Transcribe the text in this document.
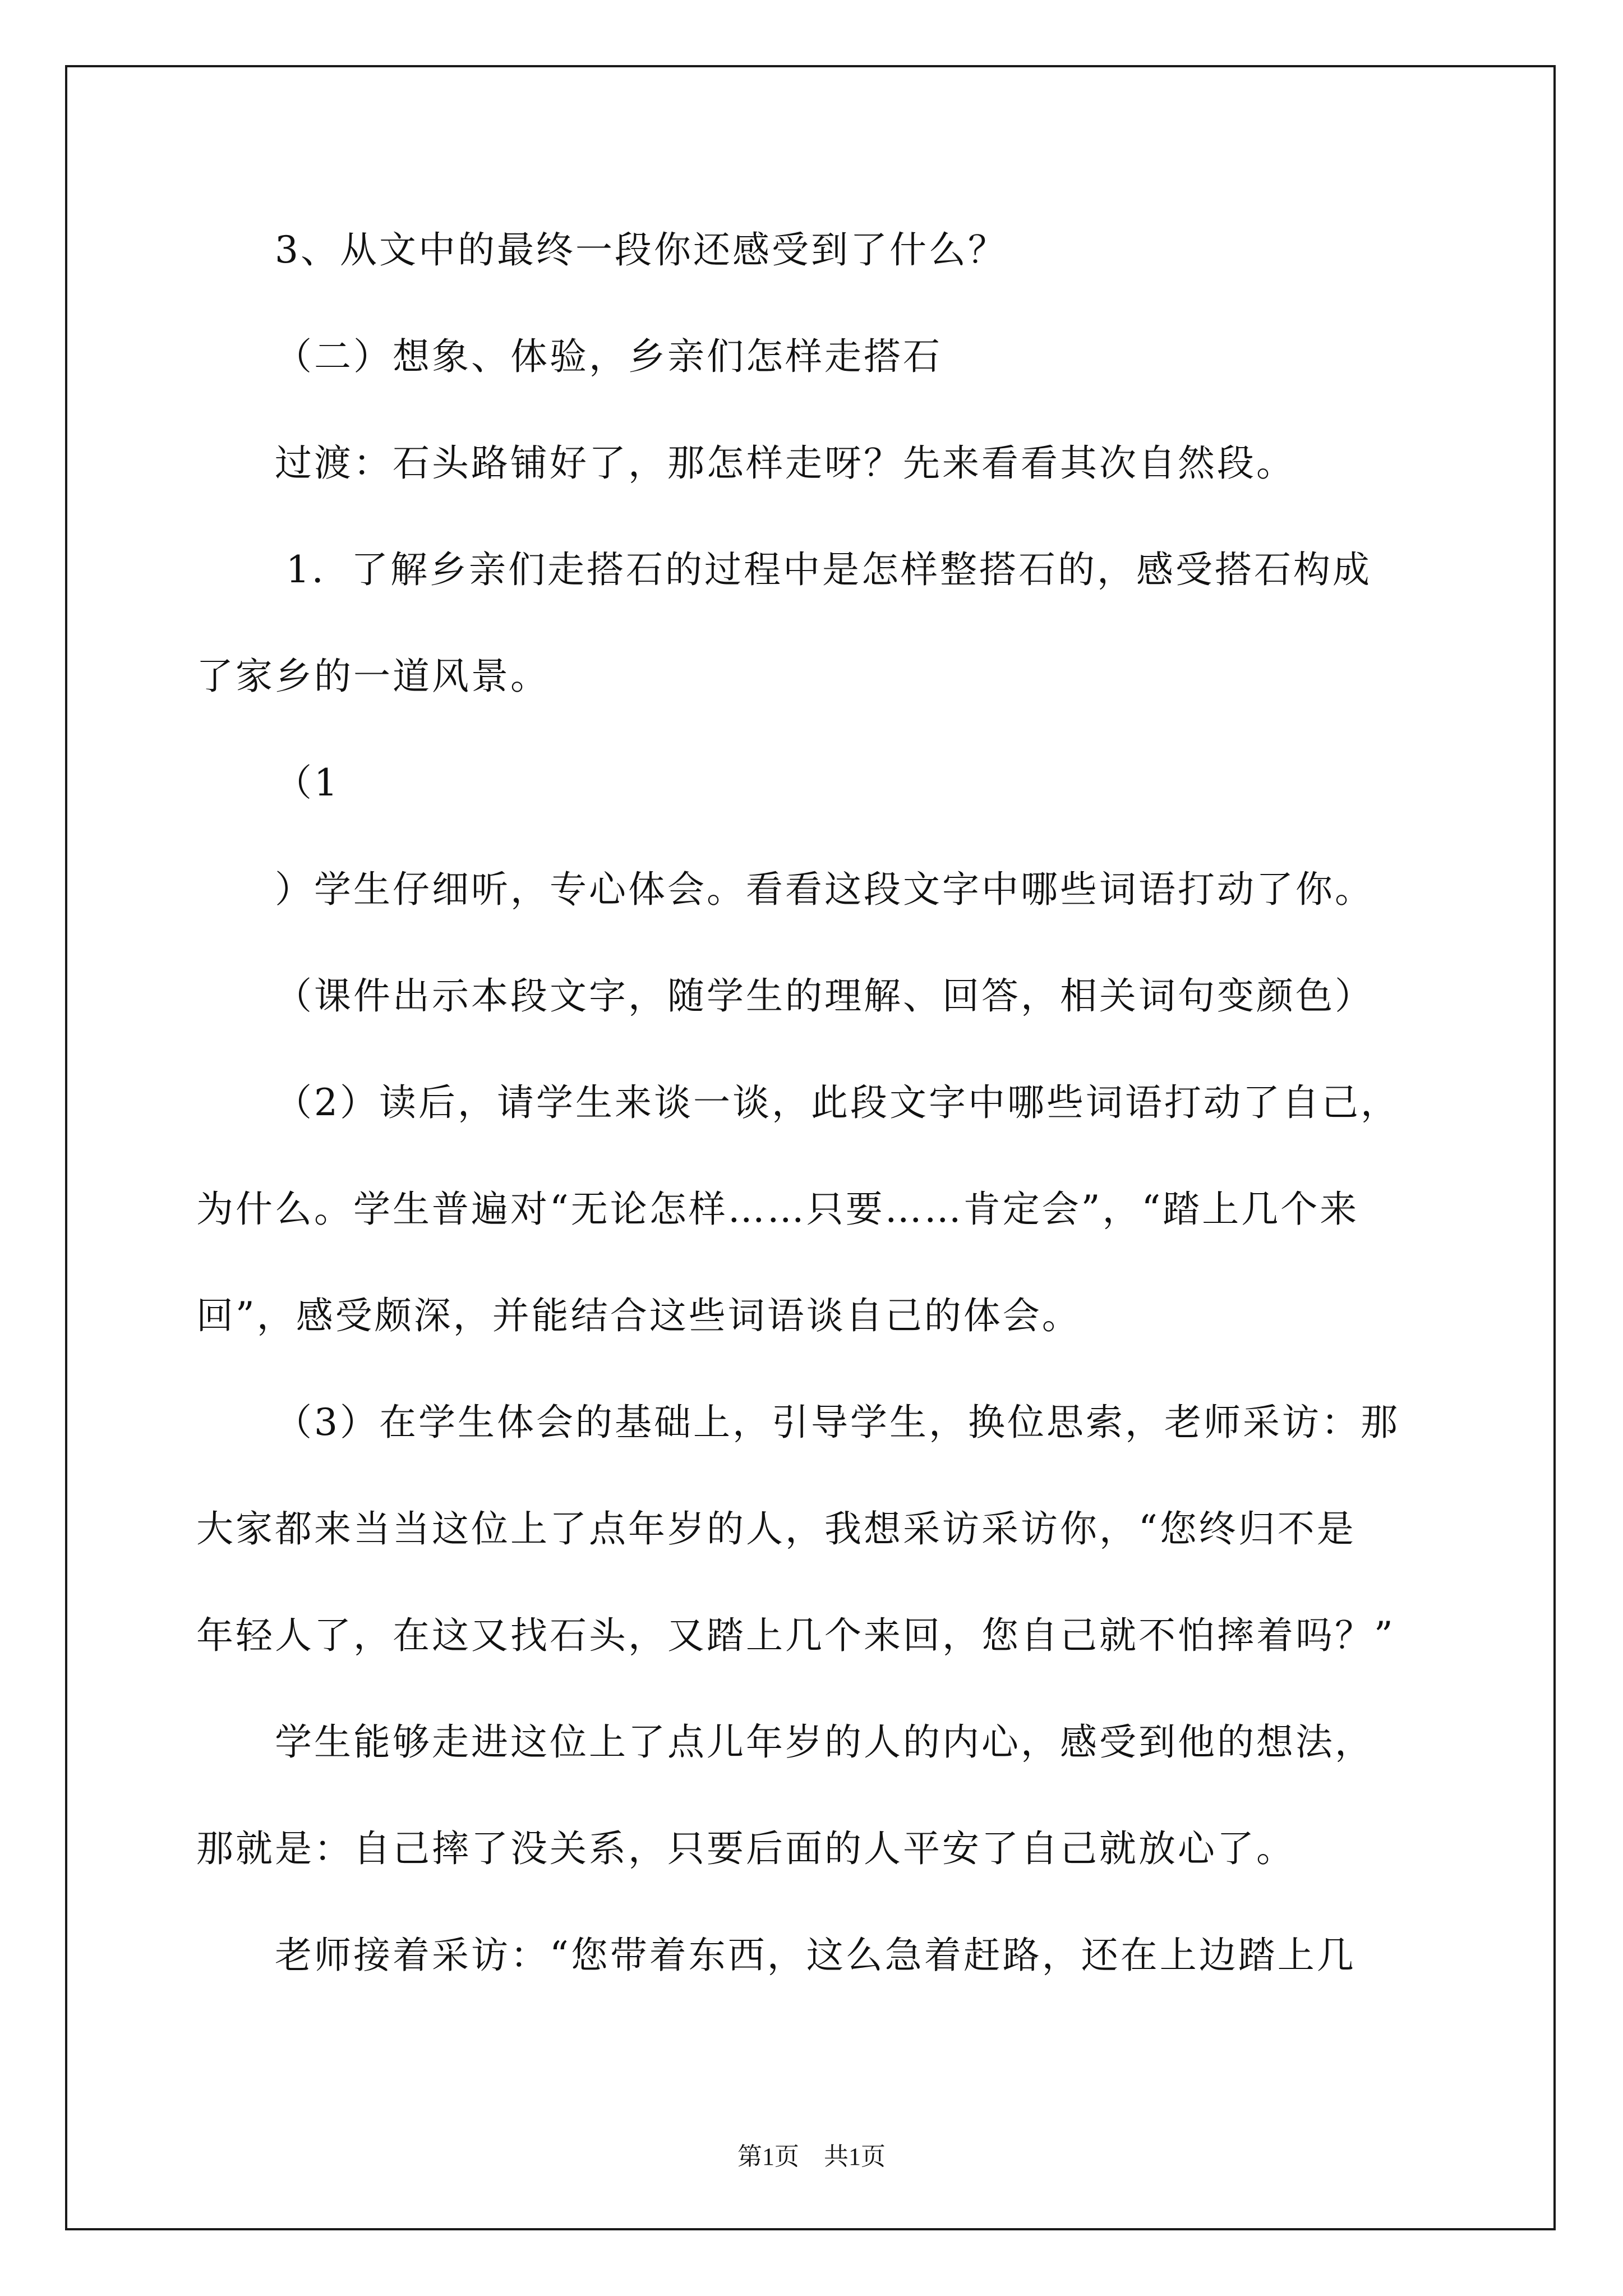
3、从文中的最终一段你还感受到了什么？
（二）想象、体验，乡亲们怎样走搭石
过渡：石头路铺好了，那怎样走呀？先来看看其次自然段。
1．了解乡亲们走搭石的过程中是怎样整搭石的，感受搭石构成
了家乡的一道风景。
（1
）学生仔细听，专心体会。看看这段文字中哪些词语打动了你。
（课件出示本段文字，随学生的理解、回答，相关词句变颜色）
（2）读后，请学生来谈一谈，此段文字中哪些词语打动了自己，
为什么。学生普遍对“无论怎样……只要……肯定会”，“踏上几个来
回”，感受颇深，并能结合这些词语谈自己的体会。
（3）在学生体会的基础上，引导学生，换位思索，老师采访：那
大家都来当当这位上了点年岁的人，我想采访采访你，“您终归不是
年轻人了，在这又找石头，又踏上几个来回，您自己就不怕摔着吗？”
学生能够走进这位上了点儿年岁的人的内心，感受到他的想法，
那就是：自己摔了没关系，只要后面的人平安了自己就放心了。
老师接着采访：“您带着东西，这么急着赶路，还在上边踏上几
第1页　共1页
